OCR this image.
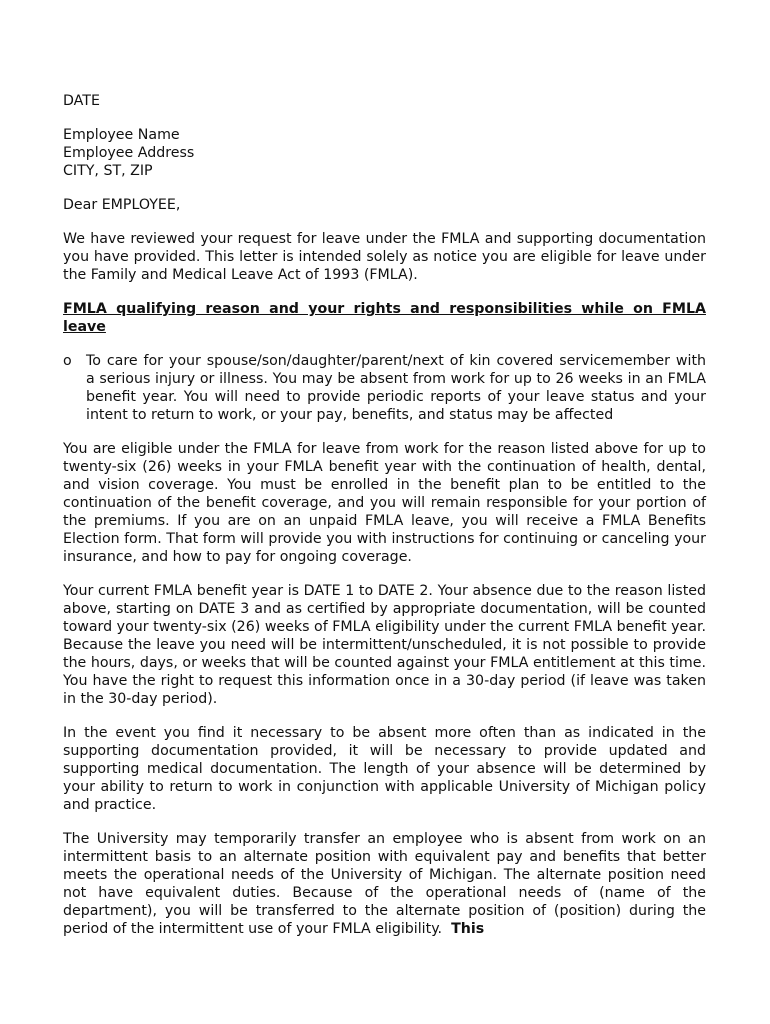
DATE
Employee Name
Employee Address
CITY, ST, ZIP
Dear EMPLOYEE,

We have reviewed your request for leave under the FMLA and supporting documentation you have provided. This letter is intended solely as notice you are eligible for leave under the Family and Medical Leave Act of 1993 (FMLA).

FMLA qualifying reason and your rights and responsibilities while on FMLA leave

o To care for your spouse/son/daughter/parent/next of kin covered servicemember with a serious injury or illness. You may be absent from work for up to 26 weeks in an FMLA benefit year. You will need to provide periodic reports of your leave status and your intent to return to work, or your pay, benefits, and status may be affected

You are eligible under the FMLA for leave from work for the reason listed above for up to twenty-six (26) weeks in your FMLA benefit year with the continuation of health, dental, and vision coverage. You must be enrolled in the benefit plan to be entitled to the continuation of the benefit coverage, and you will remain responsible for your portion of the premiums. If you are on an unpaid FMLA leave, you will receive a FMLA Benefits Election form. That form will provide you with instructions for continuing or canceling your insurance, and how to pay for ongoing coverage.

Your current FMLA benefit year is DATE 1 to DATE 2. Your absence due to the reason listed above, starting on DATE 3 and as certified by appropriate documentation, will be counted toward your twenty-six (26) weeks of FMLA eligibility under the current FMLA benefit year. Because the leave you need will be intermittent/unscheduled, it is not possible to provide the hours, days, or weeks that will be counted against your FMLA entitlement at this time. You have the right to request this information once in a 30-day period (if leave was taken in the 30-day period).

In the event you find it necessary to be absent more often than as indicated in the supporting documentation provided, it will be necessary to provide updated and supporting medical documentation. The length of your absence will be determined by your ability to return to work in conjunction with applicable University of Michigan policy and practice.

The University may temporarily transfer an employee who is absent from work on an intermittent basis to an alternate position with equivalent pay and benefits that better meets the operational needs of the University of Michigan. The alternate position need not have equivalent duties. Because of the operational needs of (name of the department), you will be transferred to the alternate position of (position) during the period of the intermittent use of your FMLA eligibility. This
